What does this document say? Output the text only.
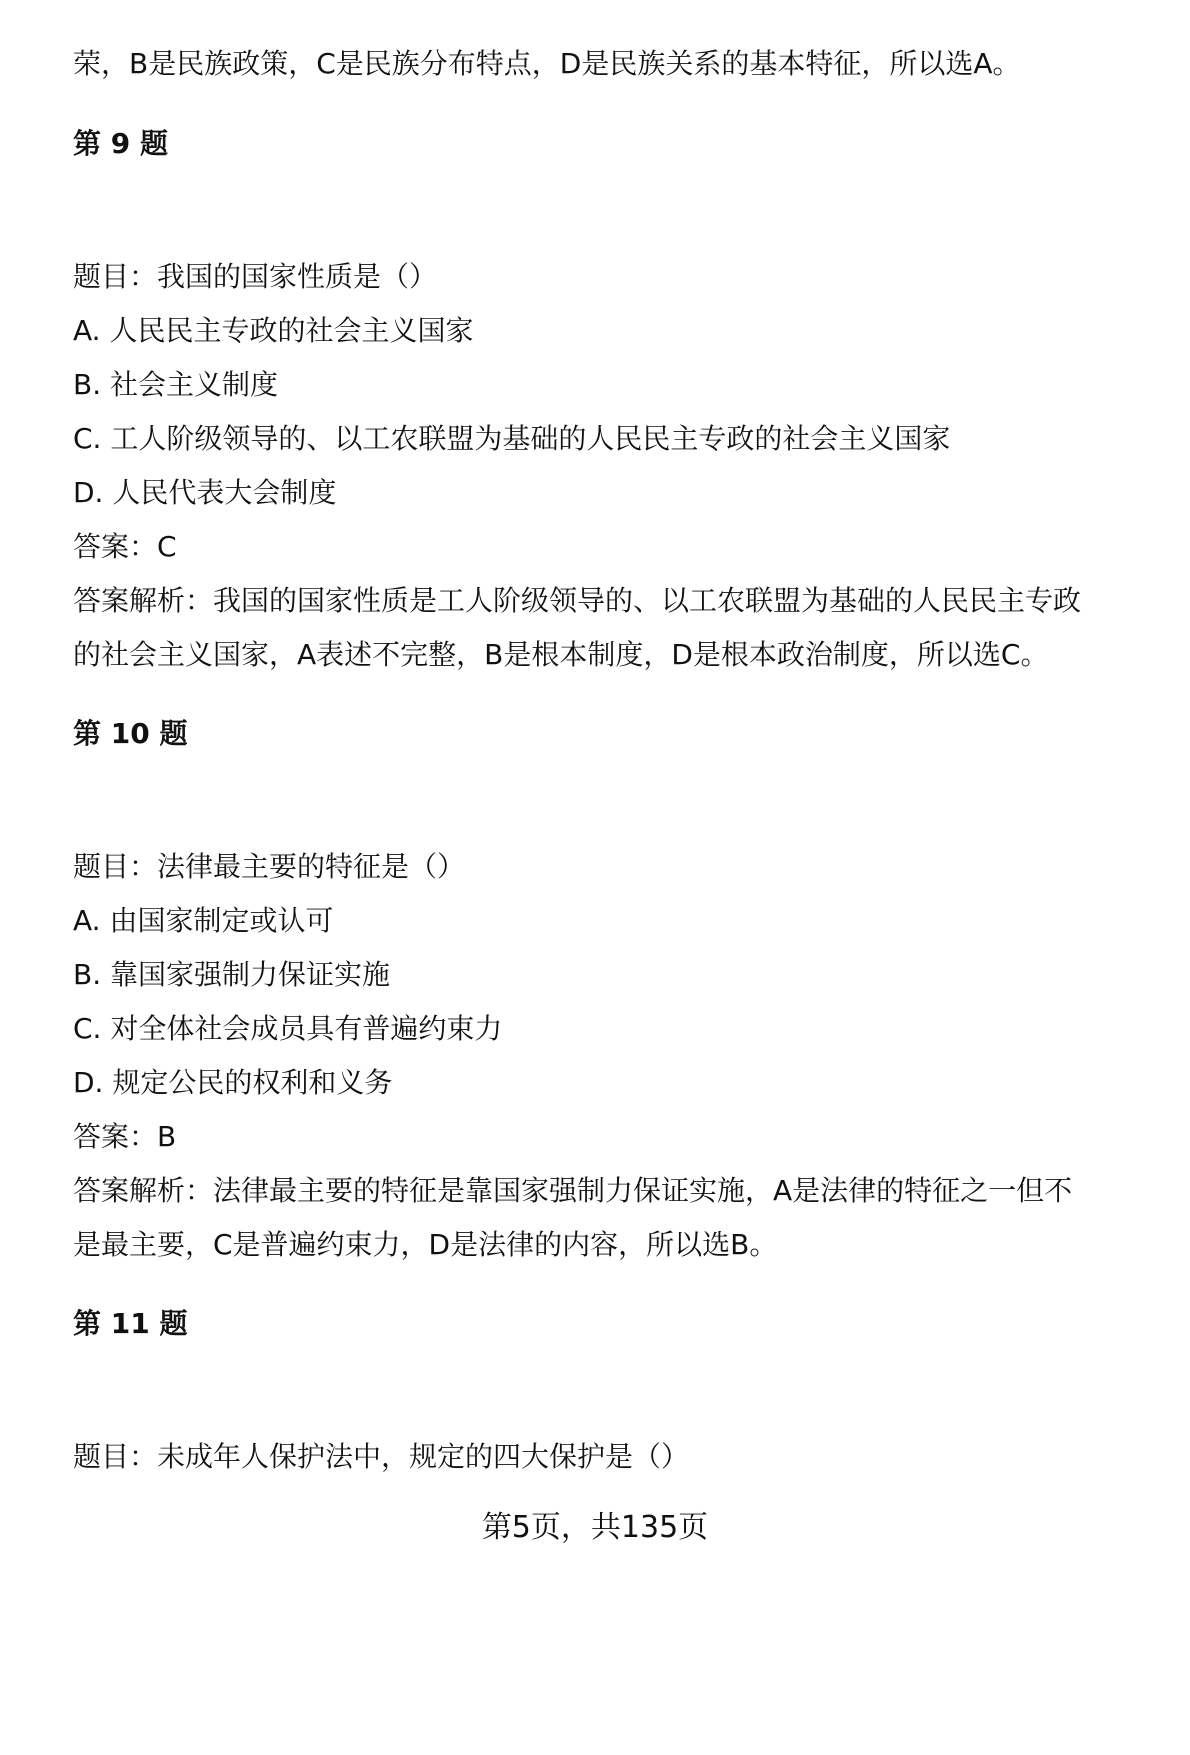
荣，B是民族政策，C是民族分布特点，D是民族关系的基本特征，所以选A。
第 9 题
题目：我国的国家性质是（）
A. 人民民主专政的社会主义国家
B. 社会主义制度
C. 工人阶级领导的、以工农联盟为基础的人民民主专政的社会主义国家
D. 人民代表大会制度
答案：C
答案解析：我国的国家性质是工人阶级领导的、以工农联盟为基础的人民民主专政
的社会主义国家，A表述不完整，B是根本制度，D是根本政治制度，所以选C。
第 10 题
题目：法律最主要的特征是（）
A. 由国家制定或认可
B. 靠国家强制力保证实施
C. 对全体社会成员具有普遍约束力
D. 规定公民的权利和义务
答案：B
答案解析：法律最主要的特征是靠国家强制力保证实施，A是法律的特征之一但不
是最主要，C是普遍约束力，D是法律的内容，所以选B。
第 11 题
题目：未成年人保护法中，规定的四大保护是（）
第5页，共135页
